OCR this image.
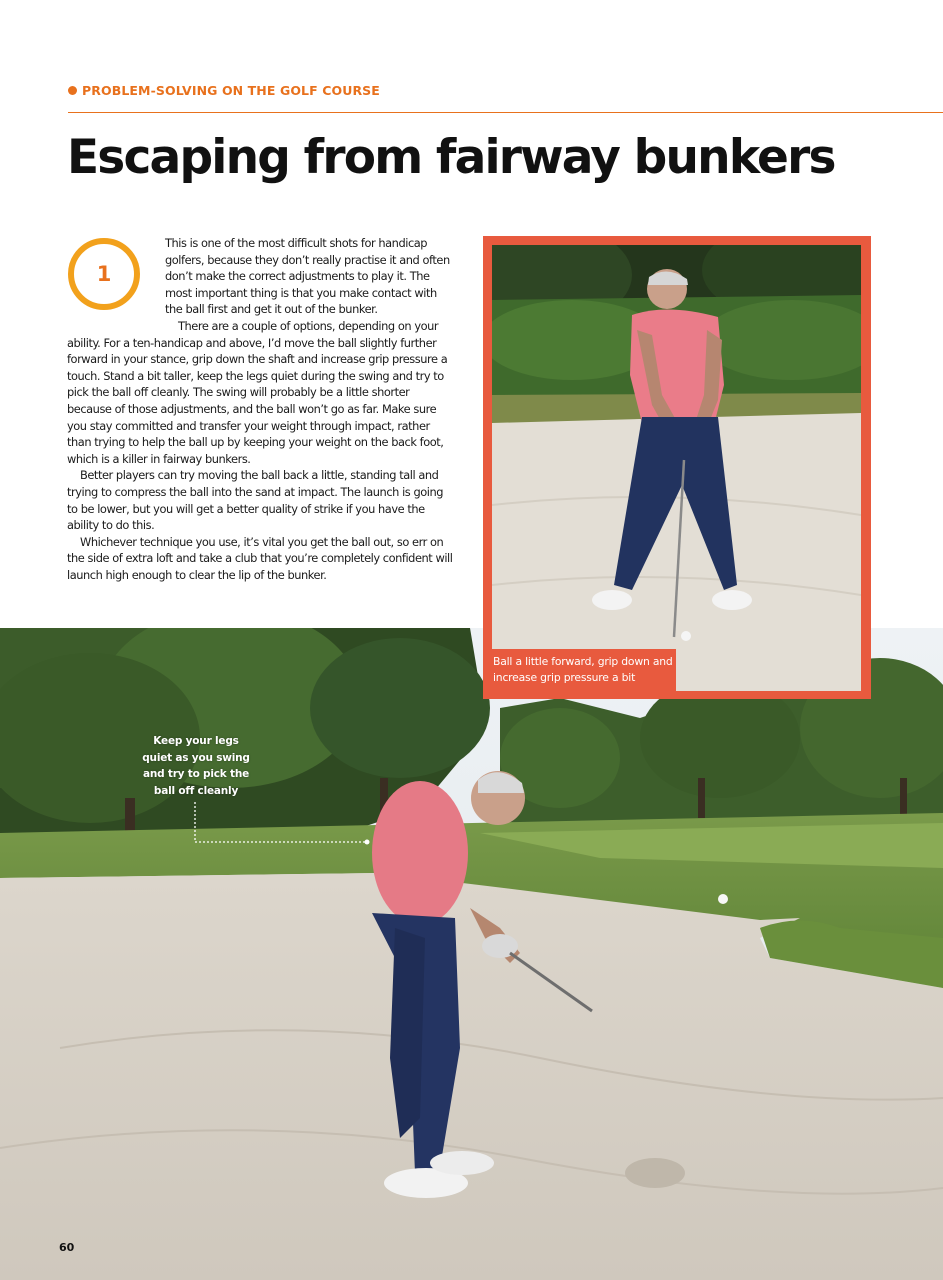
PROBLEM-SOLVING ON THE GOLF COURSE
Escaping from fairway bunkers
1

This is one of the most difficult shots for handicap golfers, because they don’t really practise it and often don’t make the correct adjustments to play it. The most important thing is that you make contact with the ball first and get it out of the bunker.

There are a couple of options, depending on your ability. For a ten-handicap and above, I’d move the ball slightly further forward in your stance, grip down the shaft and increase grip pressure a touch. Stand a bit taller, keep the legs quiet during the swing and try to pick the ball off cleanly. The swing will probably be a little shorter because of those adjustments, and the ball won’t go as far. Make sure you stay committed and transfer your weight through impact, rather than trying to help the ball up by keeping your weight on the back foot, which is a killer in fairway bunkers.

Better players can try moving the ball back a little, standing tall and trying to compress the ball into the sand at impact. The launch is going to be lower, but you will get a better quality of strike if you have the ability to do this.

Whichever technique you use, it’s vital you get the ball out, so err on the side of extra loft and take a club that you’re completely confident will launch high enough to clear the lip of the bunker.

Keep your legs quiet as you swing and try to pick the ball off cleanly
Ball a little forward, grip down and increase grip pressure a bit
60
